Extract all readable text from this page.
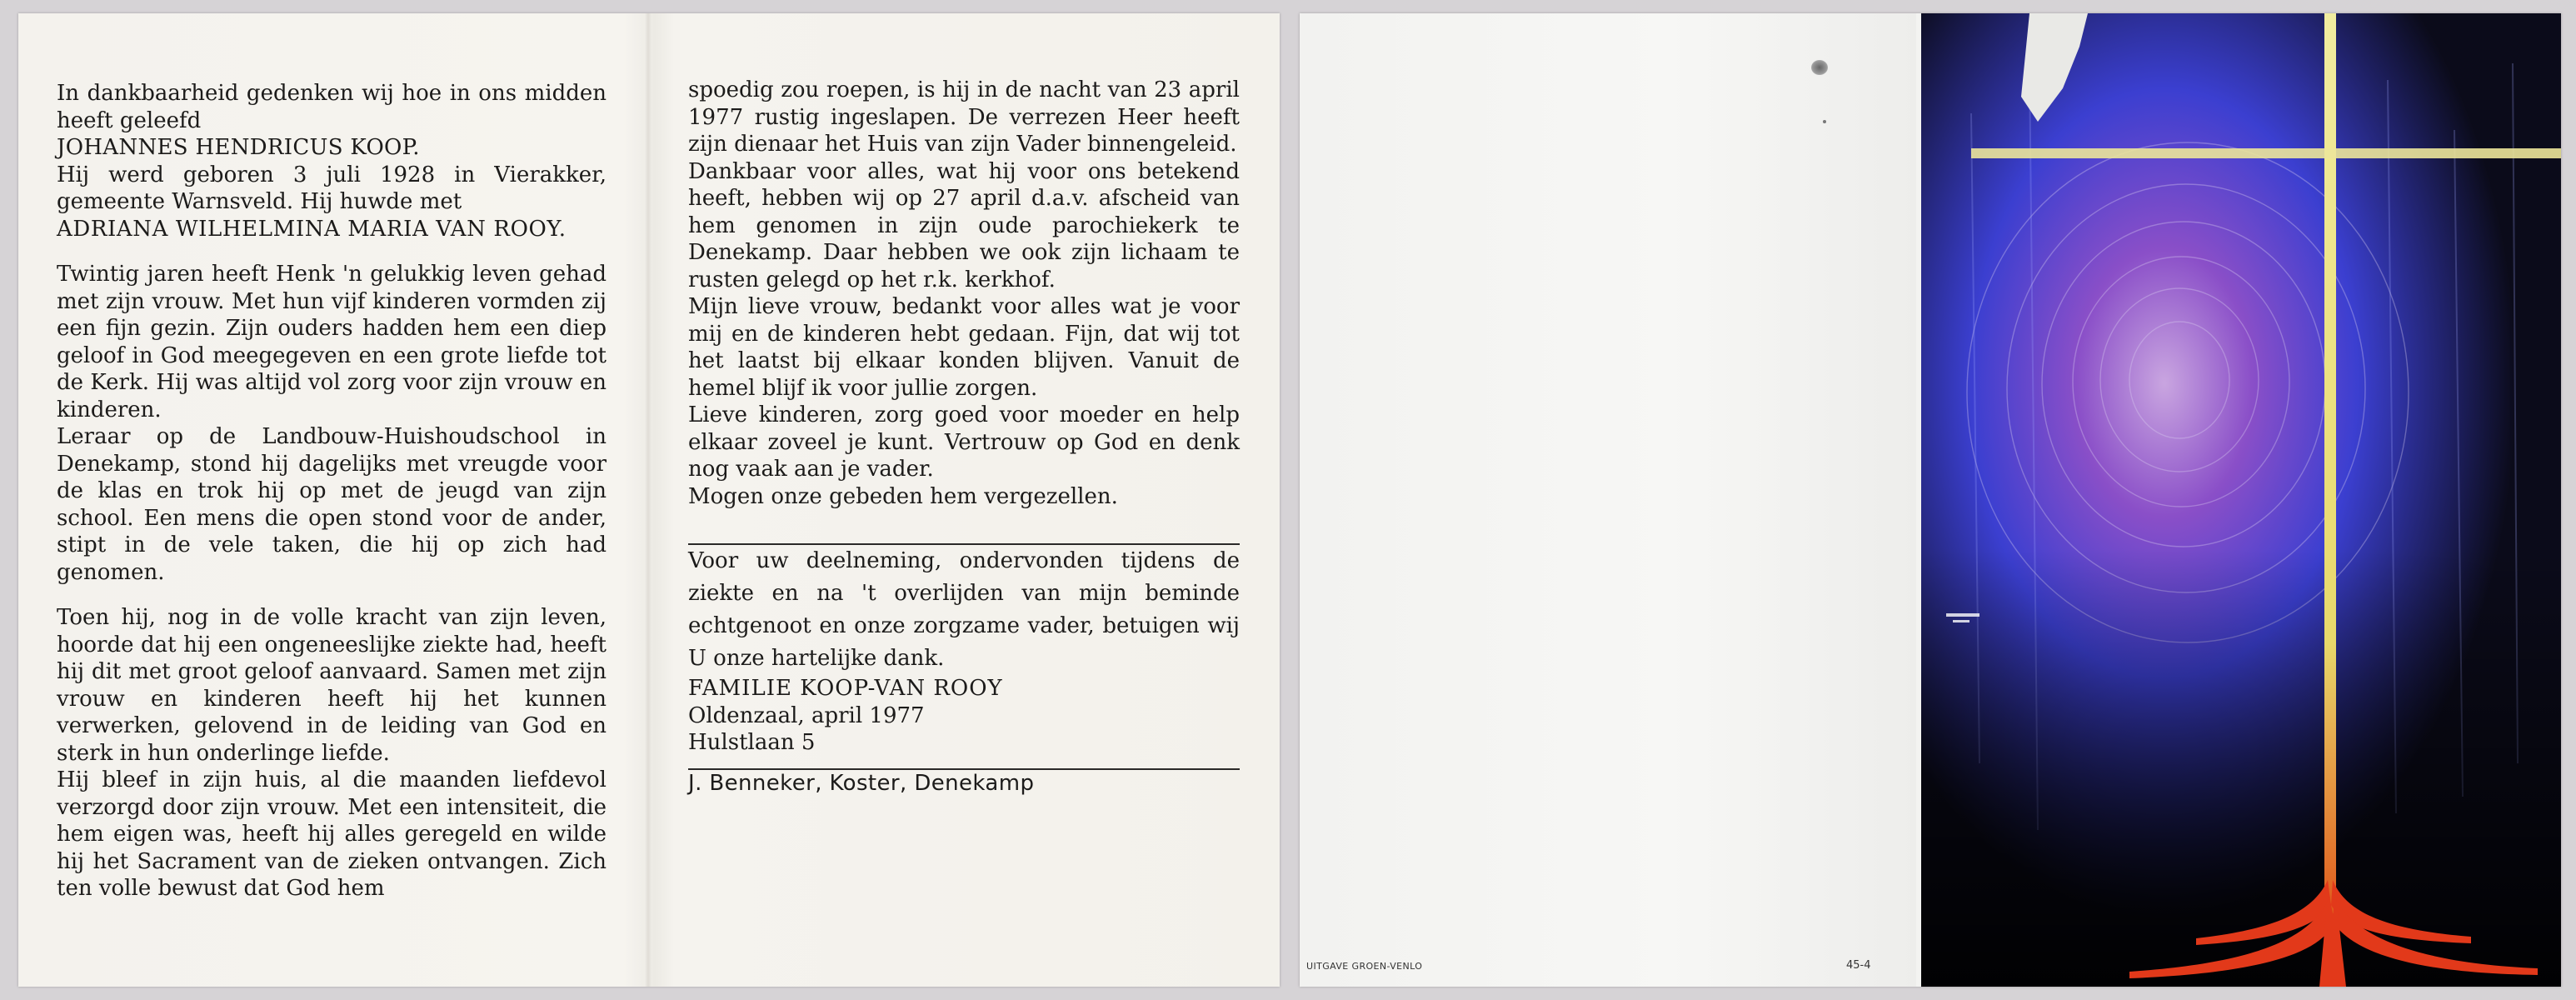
In dankbaarheid gedenken wij hoe in ons midden heeft geleefd

JOHANNES HENDRICUS KOOP.

Hij werd geboren 3 juli 1928 in Vierakker, gemeente Warnsveld. Hij huwde met

ADRIANA WILHELMINA MARIA VAN ROOY.

Twintig jaren heeft Henk 'n gelukkig leven gehad met zijn vrouw. Met hun vijf kinderen vormden zij een fijn gezin. Zijn ouders hadden hem een diep geloof in God meegegeven en een grote liefde tot de Kerk. Hij was altijd vol zorg voor zijn vrouw en kinderen.

Leraar op de Landbouw-Huishoudschool in Denekamp, stond hij dagelijks met vreugde voor de klas en trok hij op met de jeugd van zijn school. Een mens die open stond voor de ander, stipt in de vele taken, die hij op zich had genomen.

Toen hij, nog in de volle kracht van zijn leven, hoorde dat hij een ongeneeslijke ziekte had, heeft hij dit met groot geloof aanvaard. Samen met zijn vrouw en kinderen heeft hij het kunnen verwerken, gelovend in de leiding van God en sterk in hun onderlinge liefde.

Hij bleef in zijn huis, al die maanden liefdevol verzorgd door zijn vrouw. Met een intensiteit, die hem eigen was, heeft hij alles geregeld en wilde hij het Sacrament van de zieken ontvangen. Zich ten volle bewust dat God hem

spoedig zou roepen, is hij in de nacht van 23 april 1977 rustig ingeslapen. De verrezen Heer heeft zijn dienaar het Huis van zijn Vader binnengeleid.

Dankbaar voor alles, wat hij voor ons betekend heeft, hebben wij op 27 april d.a.v. afscheid van hem genomen in zijn oude parochiekerk te Denekamp. Daar hebben we ook zijn lichaam te rusten gelegd op het r.k. kerkhof.

Mijn lieve vrouw, bedankt voor alles wat je voor mij en de kinderen hebt gedaan. Fijn, dat wij tot het laatst bij elkaar konden blijven. Vanuit de hemel blijf ik voor jullie zorgen.

Lieve kinderen, zorg goed voor moeder en help elkaar zoveel je kunt. Vertrouw op God en denk nog vaak aan je vader.

Mogen onze gebeden hem vergezellen.

Voor uw deelneming, ondervonden tijdens de ziekte en na 't overlijden van mijn beminde echtgenoot en onze zorgzame vader, betuigen wij U onze hartelijke dank.

FAMILIE KOOP-VAN ROOY

Oldenzaal, april 1977

Hulstlaan 5

J. Benneker, Koster, Denekamp

UITGAVE GROEN-VENLO	45-4
